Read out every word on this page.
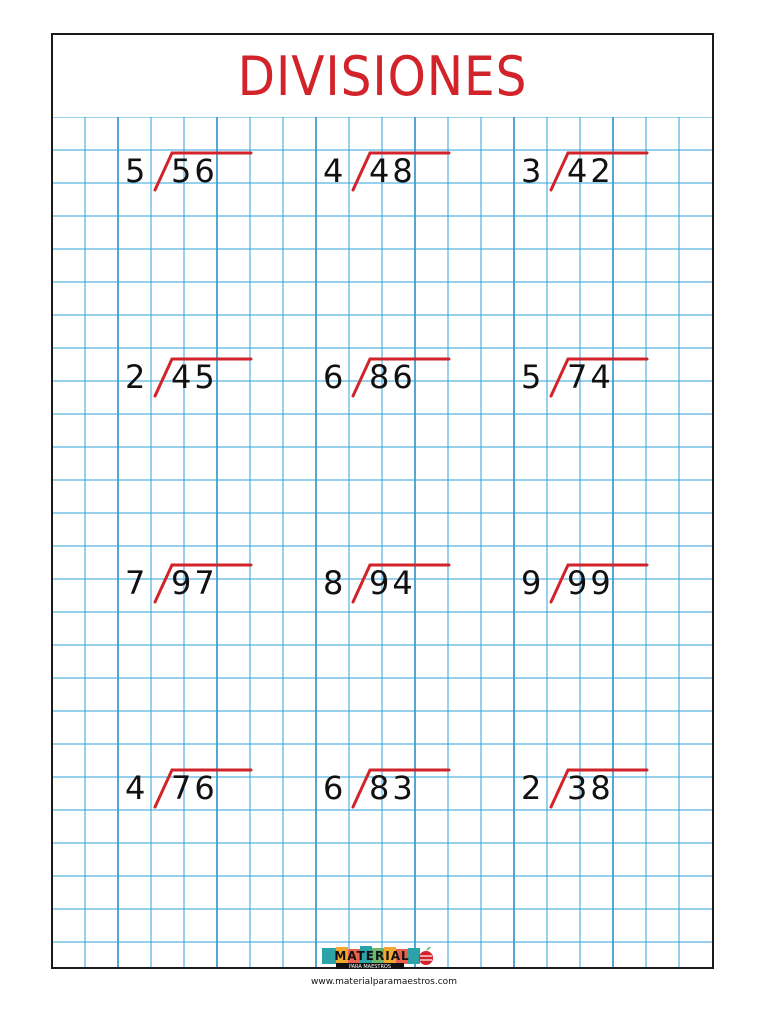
DIVISIONES
5 56	4 48	3 42
2 45	6 86	5 74
7 97	8 94	9 99
4 76	6 83	2 38
MATERIAL
PARA MAESTROS
www.materialparamaestros.com
